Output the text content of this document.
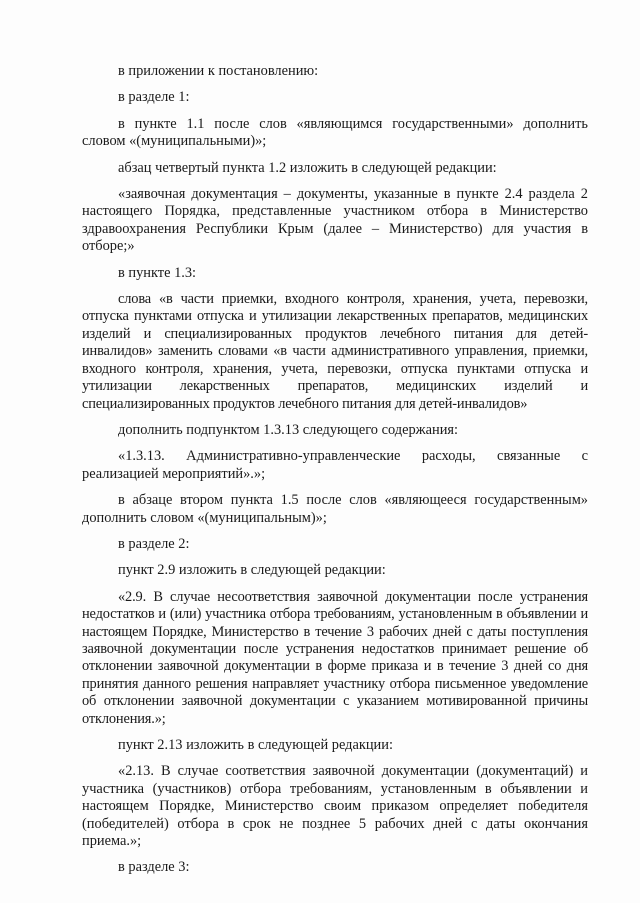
в приложении к постановлению:

в разделе 1:

в пункте 1.1 после слов «являющимся государственными» дополнить словом «(муниципальными)»;

абзац четвертый пункта 1.2 изложить в следующей редакции:

«заявочная документация – документы, указанные в пункте 2.4 раздела 2 настоящего Порядка, представленные участником отбора в Министерство здравоохранения Республики Крым (далее – Министерство) для участия в отборе;»

в пункте 1.3:

слова «в части приемки, входного контроля, хранения, учета, перевозки, отпуска пунктами отпуска и утилизации лекарственных препаратов, медицинских изделий и специализированных продуктов лечебного питания для детей-инвалидов» заменить словами «в части административного управления, приемки, входного контроля, хранения, учета, перевозки, отпуска пунктами отпуска и утилизации лекарственных препаратов, медицинских изделий и специализированных продуктов лечебного питания для детей-инвалидов»

дополнить подпунктом 1.3.13 следующего содержания:

«1.3.13. Административно-управленческие расходы, связанные с реализацией мероприятий».»;

в абзаце втором пункта 1.5 после слов «являющееся государственным» дополнить словом «(муниципальным)»;

в разделе 2:

пункт 2.9 изложить в следующей редакции:

«2.9. В случае несоответствия заявочной документации после устранения недостатков и (или) участника отбора требованиям, установленным в объявлении и настоящем Порядке, Министерство в течение 3 рабочих дней с даты поступления заявочной документации после устранения недостатков принимает решение об отклонении заявочной документации в форме приказа и в течение 3 дней со дня принятия данного решения направляет участнику отбора письменное уведомление об отклонении заявочной документации с указанием мотивированной причины отклонения.»;

пункт 2.13 изложить в следующей редакции:

«2.13. В случае соответствия заявочной документации (документаций) и участника (участников) отбора требованиям, установленным в объявлении и настоящем Порядке, Министерство своим приказом определяет победителя (победителей) отбора в срок не позднее 5 рабочих дней с даты окончания приема.»;

в разделе 3:
